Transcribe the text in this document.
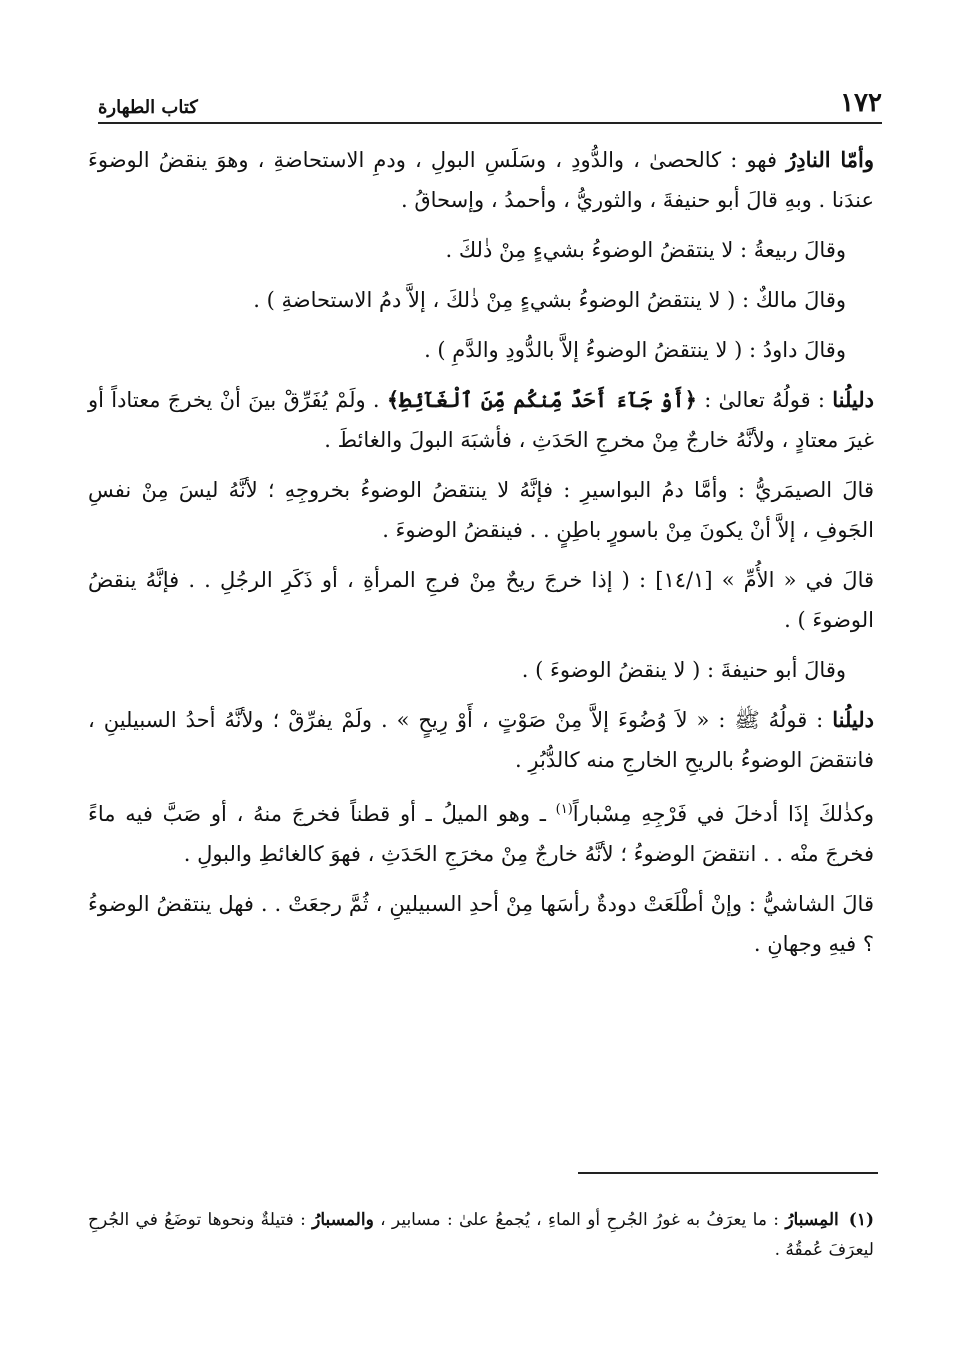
١٧٢
كتاب الطهارة

وأمّا النادِرُ فهو : كالحصىٰ ، والدُّودِ ، وسَلَسِ البولِ ، ودمِ الاستحاضةِ ، وهوَ ينقضُ الوضوءَ عندَنا . وبهِ قالَ أبو حنيفةَ ، والثوريُّ ، وأحمدُ ، وإسحاقُ .

وقالَ ربيعةُ : لا ينتقضُ الوضوءُ بشيءٍ مِنْ ذٰلكَ .

وقالَ مالكٌ : ( لا ينتقضُ الوضوءُ بشيءٍ مِنْ ذٰلكَ ، إلاَّ دمُ الاستحاضةِ ) .

وقالَ داودُ : ( لا ينتقضُ الوضوءُ إلاَّ بالدُّودِ والدَّمِ ) .

دليلُنا : قولُهُ تعالىٰ : ﴿أَوْ جَآءَ أَحَدٌ مِّنكُم مِّنَ ٱلْغَآئِطِ﴾ . ولَمْ يُفَرِّقْ بينَ أنْ يخرجَ معتاداً أو غيرَ معتادٍ ، ولأنَّهُ خارجٌ مِنْ مخرجِ الحَدَثِ ، فأشبَهَ البولَ والغائطَ .

قالَ الصيمَريُّ : وأمَّا دمُ البواسيرِ : فإنَّهُ لا ينتقضُ الوضوءُ بخروجِهِ ؛ لأنَّهُ ليسَ مِنْ نفسِ الجَوفِ ، إلاَّ أنْ يكونَ مِنْ باسورٍ باطِنٍ . . فينقضُ الوضوءَ .

قالَ في « الأُمِّ » [١٤/١] : ( إذا خرجَ ريحٌ مِنْ فرجِ المرأةِ ، أو ذَكَرِ الرجُلِ . . فإنَّهُ ينقضُ الوضوءَ ) .

وقالَ أبو حنيفةَ : ( لا ينقضُ الوضوءَ ) .

دليلُنا : قولُهُ ﷺ : « لاَ وُضُوءَ إلاَّ مِنْ صَوْتٍ ، أَوْ رِيحٍ » . ولَمْ يفرِّقْ ؛ ولأنَّهُ أحدُ السبيلينِ ، فانتقضَ الوضوءُ بالريحِ الخارجِ منه كالدُّبُرِ .

وكذٰلكَ إذَا أدخلَ في فَرْجِهِ مِسْباراً$^{(١)}$ ـ وهو الميلُ ـ أو قطناً فخرجَ منهُ ، أو صَبَّ فيه ماءً فخرجَ منْه . . انتقضَ الوضوءُ ؛ لأنَّهُ خارجٌ مِنْ مخرَجِ الحَدَثِ ، فهوَ كالغائطِ والبولِ .

قالَ الشاشيُّ : وإنْ أطْلَعَتْ دودةٌ رأسَها مِنْ أحدِ السبيلينِ ، ثُمَّ رجعَتْ . . فهل ينتقضُ الوضوءُ ؟ فيهِ وجهانِ .

(١)المِسبارُ : ما يعرَفُ به غورُ الجُرحِ أو الماءِ ، يُجمعُ علىٰ : مسابير ، والمسبارُ : فتيلةٌ ونحوها توضَعُ في الجُرحِ ليعرَفَ عُمقُهُ .
